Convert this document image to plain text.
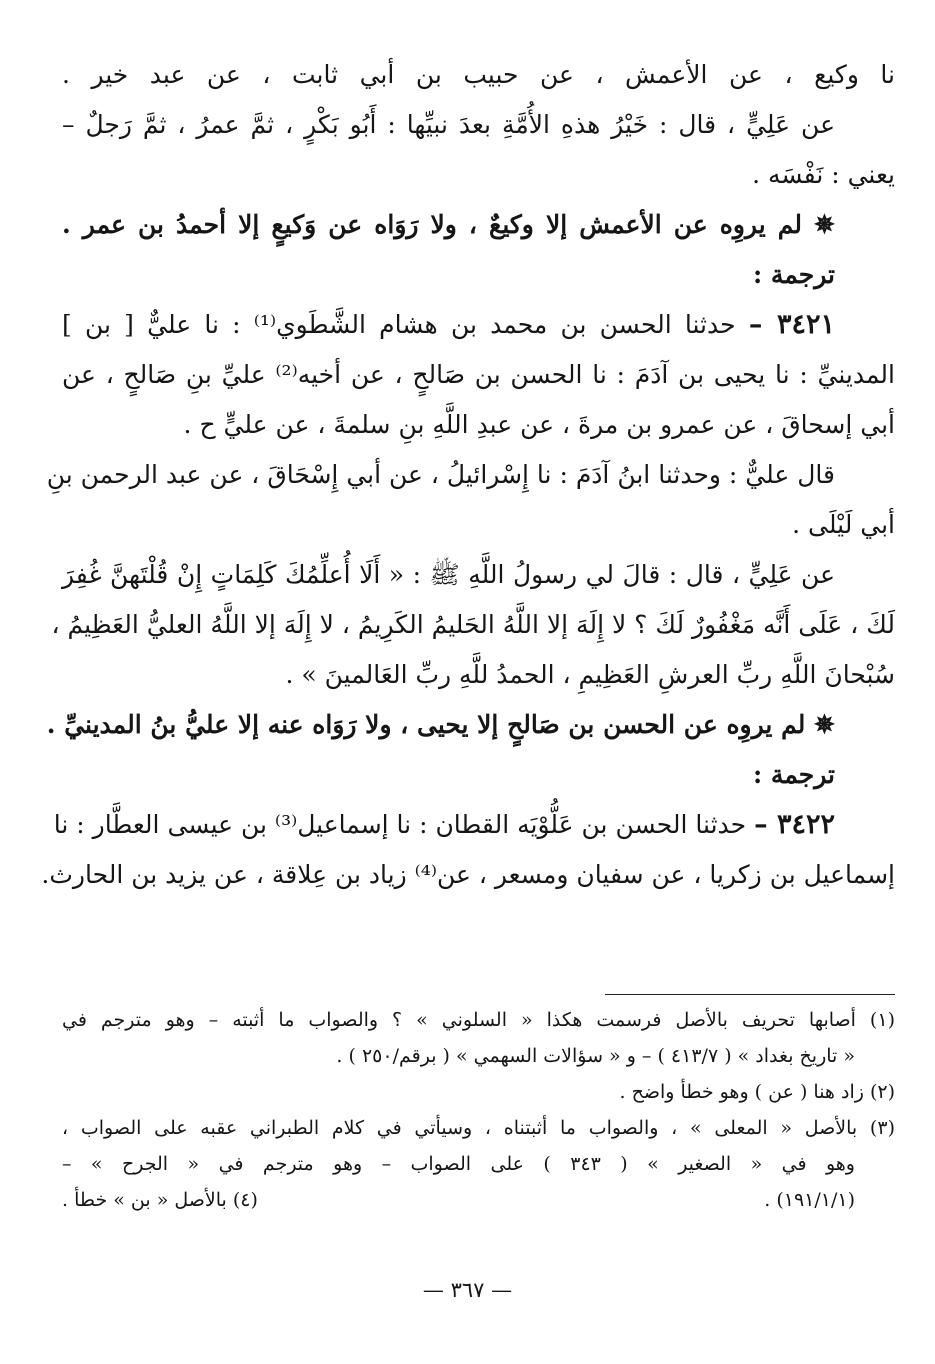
نا وكيع ، عن الأعمش ، عن حبيب بن أبي ثابت ، عن عبد خير .
عن عَلِيٍّ ، قال : خَيْرُ هذهِ الأُمَّةِ بعدَ نبيِّها : أَبُو بَكْرٍ ، ثمَّ عمرُ ، ثمَّ رَجلٌ –
يعني : نَفْسَه .
✵ لم يروِه عن الأعمش إلا وكيعٌ ، ولا رَوَاه عن وَكيعٍ إلا أحمدُ بن عمر .
ترجمة :
٣٤٢١ – حدثنا الحسن بن محمد بن هشام الشَّطَوي⁽¹⁾ : نا عليٌّ [ بن ]
المدينيِّ : نا يحيى بن آدَمَ : نا الحسن بن صَالحٍ ، عن أخيه⁽²⁾ عليِّ بنِ صَالحٍ ، عن
أبي إسحاقَ ، عن عمرو بن مرةَ ، عن عبدِ اللَّهِ بنِ سلمةَ ، عن عليٍّ ح .
قال عليٌّ : وحدثنا ابنُ آدَمَ : نا إِسْرائيلُ ، عن أبي إِسْحَاقَ ، عن عبد الرحمن بنِ
أبي لَيْلَى .
عن عَلِيٍّ ، قال : قالَ لي رسولُ اللَّهِ ﷺ : « أَلَا أُعلِّمُكَ كَلِمَاتٍ إِنْ قُلْتَهنَّ غُفِرَ
لَكَ ، عَلَى أَنَّه مَغْفُورٌ لَكَ ؟ لا إِلَهَ إلا اللَّهُ الحَليمُ الكَرِيمُ ، لا إِلَهَ إلا اللَّهُ العليُّ العَظِيمُ ،
سُبْحانَ اللَّهِ ربِّ العرشِ العَظِيمِ ، الحمدُ للَّهِ ربِّ العَالمينَ » .
✵ لم يروِه عن الحسن بن صَالحٍ إلا يحيى ، ولا رَوَاه عنه إلا عليُّ بنُ المدينيِّ .
ترجمة :
٣٤٢٢ – حدثنا الحسن بن عَلُّوْيَه القطان : نا إسماعيل⁽³⁾ بن عيسى العطَّار : نا
إسماعيل بن زكريا ، عن سفيان ومسعر ، عن⁽⁴⁾ زياد بن عِلاقة ، عن يزيد بن الحارث.
(١) أصابها تحريف بالأصل فرسمت هكذا « السلوني » ؟ والصواب ما أثبته – وهو مترجم في
« تاريخ بغداد » ( ٤١٣/٧ ) – و « سؤالات السهمي » ( برقم/٢٥٠ ) .
(٢) زاد هنا ( عن ) وهو خطأ واضح .
(٣) بالأصل « المعلى » ، والصواب ما أثبتناه ، وسيأتي في كلام الطبراني عقبه على الصواب ،
وهو في « الصغير » ( ٣٤٣ ) على الصواب – وهو مترجم في « الجرح » –
(١٩١/١/١) .
(٤) بالأصل « بن » خطأ .
— ٣٦٧ —
